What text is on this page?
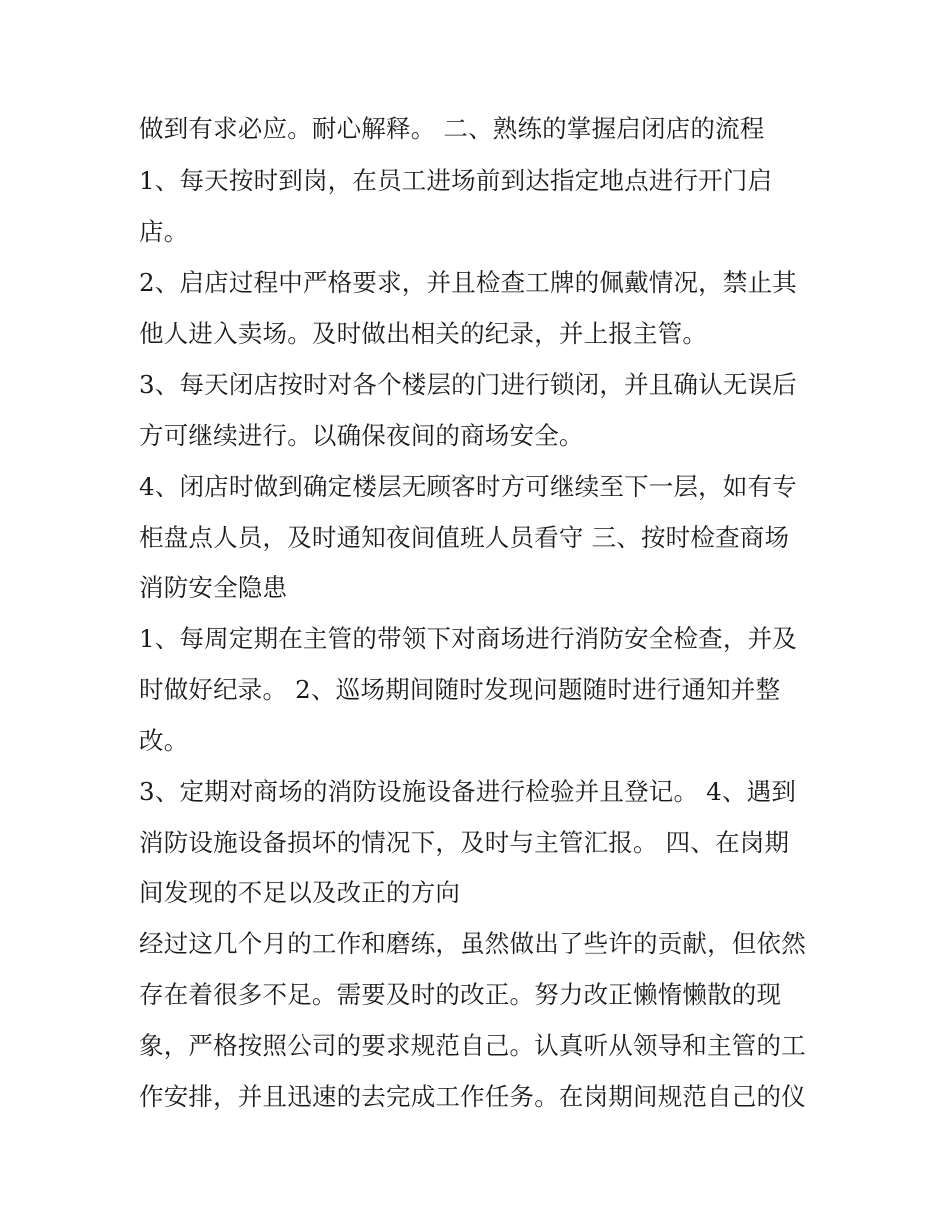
做到有求必应。耐心解释。 二、熟练的掌握启闭店的流程
1、每天按时到岗，在员工进场前到达指定地点进行开门启
店。
2、启店过程中严格要求，并且检查工牌的佩戴情况，禁止其
他人进入卖场。及时做出相关的纪录，并上报主管。
3、每天闭店按时对各个楼层的门进行锁闭，并且确认无误后
方可继续进行。以确保夜间的商场安全。
4、闭店时做到确定楼层无顾客时方可继续至下一层，如有专
柜盘点人员，及时通知夜间值班人员看守 三、按时检查商场
消防安全隐患
1、每周定期在主管的带领下对商场进行消防安全检查，并及
时做好纪录。 2、巡场期间随时发现问题随时进行通知并整
改。
3、定期对商场的消防设施设备进行检验并且登记。 4、遇到
消防设施设备损坏的情况下，及时与主管汇报。 四、在岗期
间发现的不足以及改正的方向
经过这几个月的工作和磨练，虽然做出了些许的贡献，但依然
存在着很多不足。需要及时的改正。努力改正懒惰懒散的现
象，严格按照公司的要求规范自己。认真听从领导和主管的工
作安排，并且迅速的去完成工作任务。在岗期间规范自己的仪
